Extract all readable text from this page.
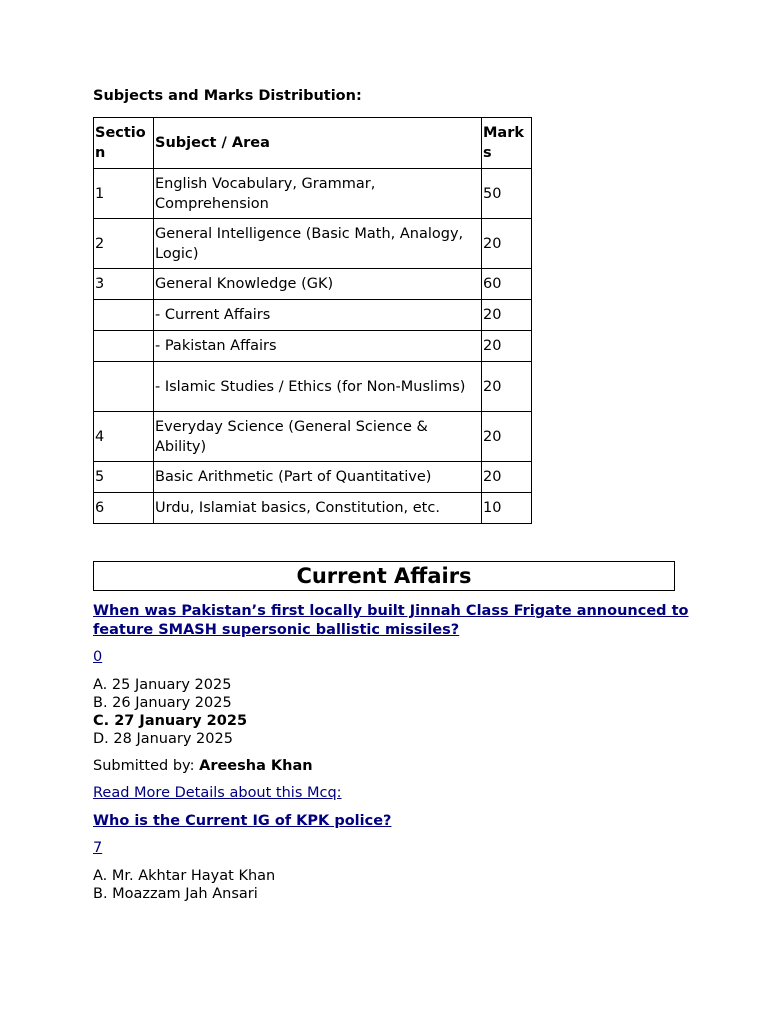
Subjects and Marks Distribution:

Section	Subject / Area	Marks
1	English Vocabulary, Grammar, Comprehension	50
2	General Intelligence (Basic Math, Analogy, Logic)	20
3	General Knowledge (GK)	60
	- Current Affairs	20
	- Pakistan Affairs	20
	- Islamic Studies / Ethics (for Non-Muslims)	20
4	Everyday Science (General Science & Ability)	20
5	Basic Arithmetic (Part of Quantitative)	20
6	Urdu, Islamiat basics, Constitution, etc.	10
Current Affairs

When was Pakistan’s first locally built Jinnah Class Frigate announced to feature SMASH supersonic ballistic missiles?

0

A. 25 January 2025
B. 26 January 2025
C. 27 January 2025
D. 28 January 2025

Submitted by: Areesha Khan

Read More Details about this Mcq:

Who is the Current IG of KPK police?

7

A. Mr. Akhtar Hayat Khan
B. Moazzam Jah Ansari
